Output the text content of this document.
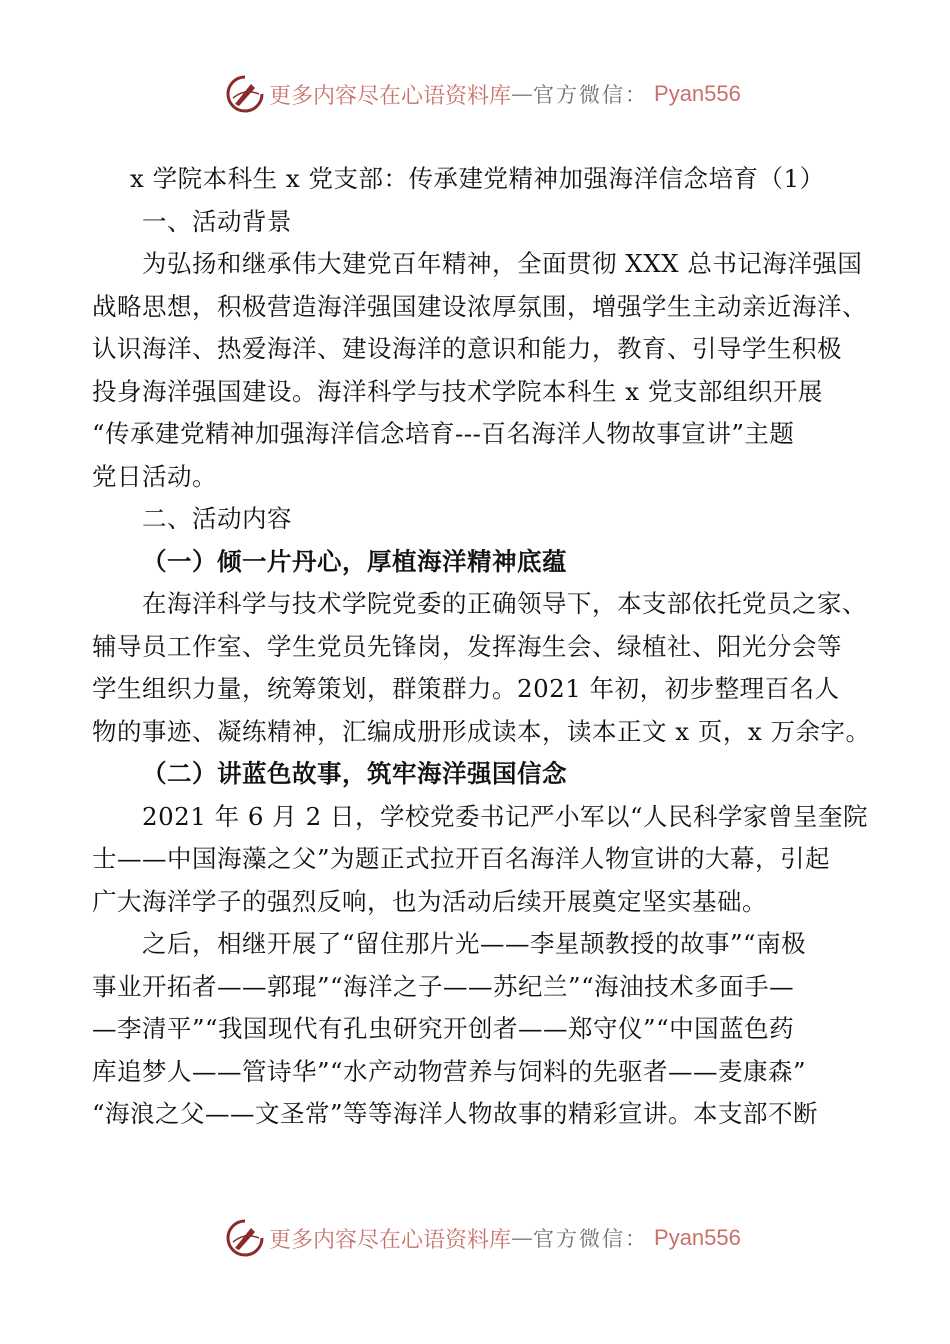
更多内容尽在心语资料库 — 官方微信： Pyan556
x 学院本科生 x 党支部：传承建党精神加强海洋信念培育（1）
一、活动背景
为弘扬和继承伟大建党百年精神，全面贯彻 XXX 总书记海洋强国
战略思想，积极营造海洋强国建设浓厚氛围，增强学生主动亲近海洋、
认识海洋、热爱海洋、建设海洋的意识和能力，教育、引导学生积极
投身海洋强国建设。海洋科学与技术学院本科生 x 党支部组织开展
“传承建党精神加强海洋信念培育---百名海洋人物故事宣讲”主题
党日活动。
二、活动内容
（一）倾一片丹心，厚植海洋精神底蕴
在海洋科学与技术学院党委的正确领导下，本支部依托党员之家、
辅导员工作室、学生党员先锋岗，发挥海生会、绿植社、阳光分会等
学生组织力量，统筹策划，群策群力。2021 年初，初步整理百名人
物的事迹、凝练精神，汇编成册形成读本，读本正文 x 页，x 万余字。
（二）讲蓝色故事，筑牢海洋强国信念
2021 年 6 月 2 日，学校党委书记严小军以“人民科学家曾呈奎院
士——中国海藻之父”为题正式拉开百名海洋人物宣讲的大幕，引起
广大海洋学子的强烈反响，也为活动后续开展奠定坚实基础。
之后，相继开展了“留住那片光——李星颉教授的故事”“南极
事业开拓者——郭琨”“海洋之子——苏纪兰”“海油技术多面手—
—李清平”“我国现代有孔虫研究开创者——郑守仪”“中国蓝色药
库追梦人——管诗华”“水产动物营养与饲料的先驱者——麦康森”
“海浪之父——文圣常”等等海洋人物故事的精彩宣讲。本支部不断
更多内容尽在心语资料库 — 官方微信： Pyan556
